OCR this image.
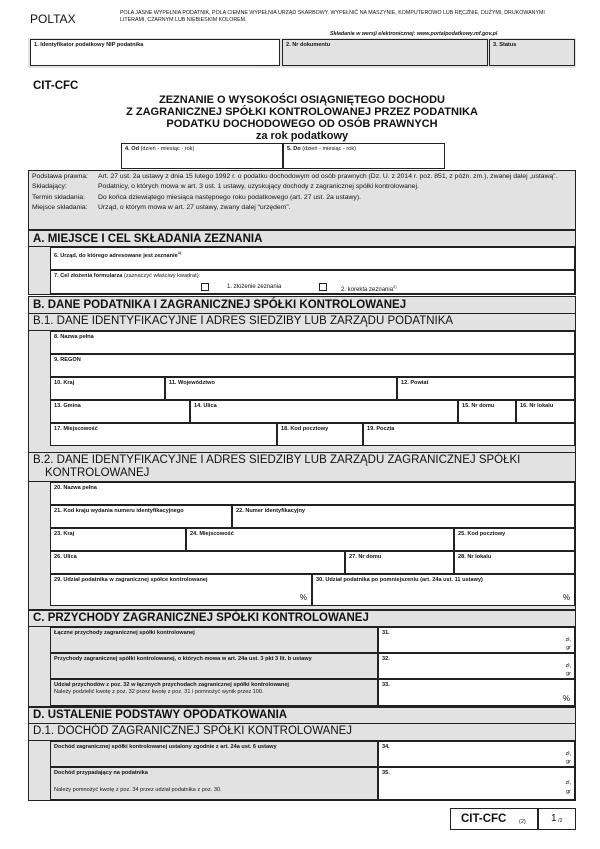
POLTAX	POLA JASNE WYPEŁNIA PODATNIK, POLA CIEMNE WYPEŁNIA URZĄD SKARBOWY. WYPEŁNIĆ NA MASZYNIE, KOMPUTEROWO LUB RĘCZNIE, DUŻYMI, DRUKOWANYMI LITERAMI, CZARNYM LUB NIEBIESKIM KOLOREM.
Składanie w wersji elektronicznej: www.portalpodatkowy.mf.gov.pl
1. Identyfikator podatkowy NIP podatnika	2. Nr dokumentu	3. Status
CIT-CFC
ZEZNANIE O WYSOKOŚCI OSIĄGNIĘTEGO DOCHODU
Z ZAGRANICZNEJ SPÓŁKI KONTROLOWANEJ PRZEZ PODATNIKA
PODATKU DOCHODOWEGO OD OSÓB PRAWNYCH
za rok podatkowy
4. Od (dzień - miesiąc - rok)	5. Do (dzień - miesiąc - rok)
Podstawa prawna:	Art. 27 ust. 2a ustawy z dnia 15 lutego 1992 r. o podatku dochodowym od osób prawnych (Dz. U. z 2014 r. poz. 851, z późn. zm.), zwanej dalej „ustawą”.
Składający:	Podatnicy, o których mowa w art. 3 ust. 1 ustawy, uzyskujący dochody z zagranicznej spółki kontrolowanej.
Termin składania:	Do końca dziewiątego miesiąca następnego roku podatkowego (art. 27 ust. 2a ustawy).
Miejsce składania:	Urząd, o którym mowa w art. 27 ustawy, zwany dalej “urzędem”.
A. MIEJSCE I CEL SKŁADANIA ZEZNANIA
6. Urząd, do którego adresowane jest zeznanie$^{1)}$
7. Cel złożenia formularza (zaznaczyć właściwy kwadrat):
1. złożenie zeznania	2. korekta zeznania$^{2)}$
B. DANE PODATNIKA I ZAGRANICZNEJ SPÓŁKI KONTROLOWANEJ
B.1. DANE IDENTYFIKACYJNE I ADRES SIEDZIBY LUB ZARZĄDU PODATNIKA
8. Nazwa pełna
9. REGON
10. Kraj	11. Województwo	12. Powiat
13. Gmina	14. Ulica	15. Nr domu	16. Nr lokalu
17. Miejscowość	18. Kod pocztowy	19. Poczta
B.2. DANE IDENTYFIKACYJNE I ADRES SIEDZIBY LUB ZARZĄDU ZAGRANICZNEJ SPÓŁKI
KONTROLOWANEJ
20. Nazwa pełna
21. Kod kraju wydania numeru identyfikacyjnego	22. Numer identyfikacyjny
23. Kraj	24. Miejscowość	25. Kod pocztowy
26. Ulica	27. Nr domu	28. Nr lokalu
29. Udział podatnika w zagranicznej spółce kontrolowanej
%
30. Udział podatnika po pomniejszeniu (art. 24a ust. 11 ustawy)
%
C. PRZYCHODY ZAGRANICZNEJ SPÓŁKI KONTROLOWANEJ
Łączne przychody zagranicznej spółki kontrolowanej	31.
zł,
gr
Przychody zagranicznej spółki kontrolowanej, o których mowa w art. 24a ust. 3 pkt 3 lit. b ustawy	32.
zł,
gr
Udział przychodów z poz. 32 w łącznych przychodach zagranicznej spółki kontrolowanej
Należy podzielić kwotę z poz. 32 przez kwotę z poz. 31 i pomnożyć wynik przez 100.
33.
%
D. USTALENIE PODSTAWY OPODATKOWANIA
D.1. DOCHÓD ZAGRANICZNEJ SPÓŁKI KONTROLOWANEJ
Dochód zagranicznej spółki kontrolowanej ustalony zgodnie z art. 24a ust. 6 ustawy	34.
zł,
gr
Dochód przypadający na podatnika
Należy pomnożyć kwotę z poz. 34 przez udział podatnika z poz. 30.
35.
zł,
gr
CIT-CFC (2)	1 /2
